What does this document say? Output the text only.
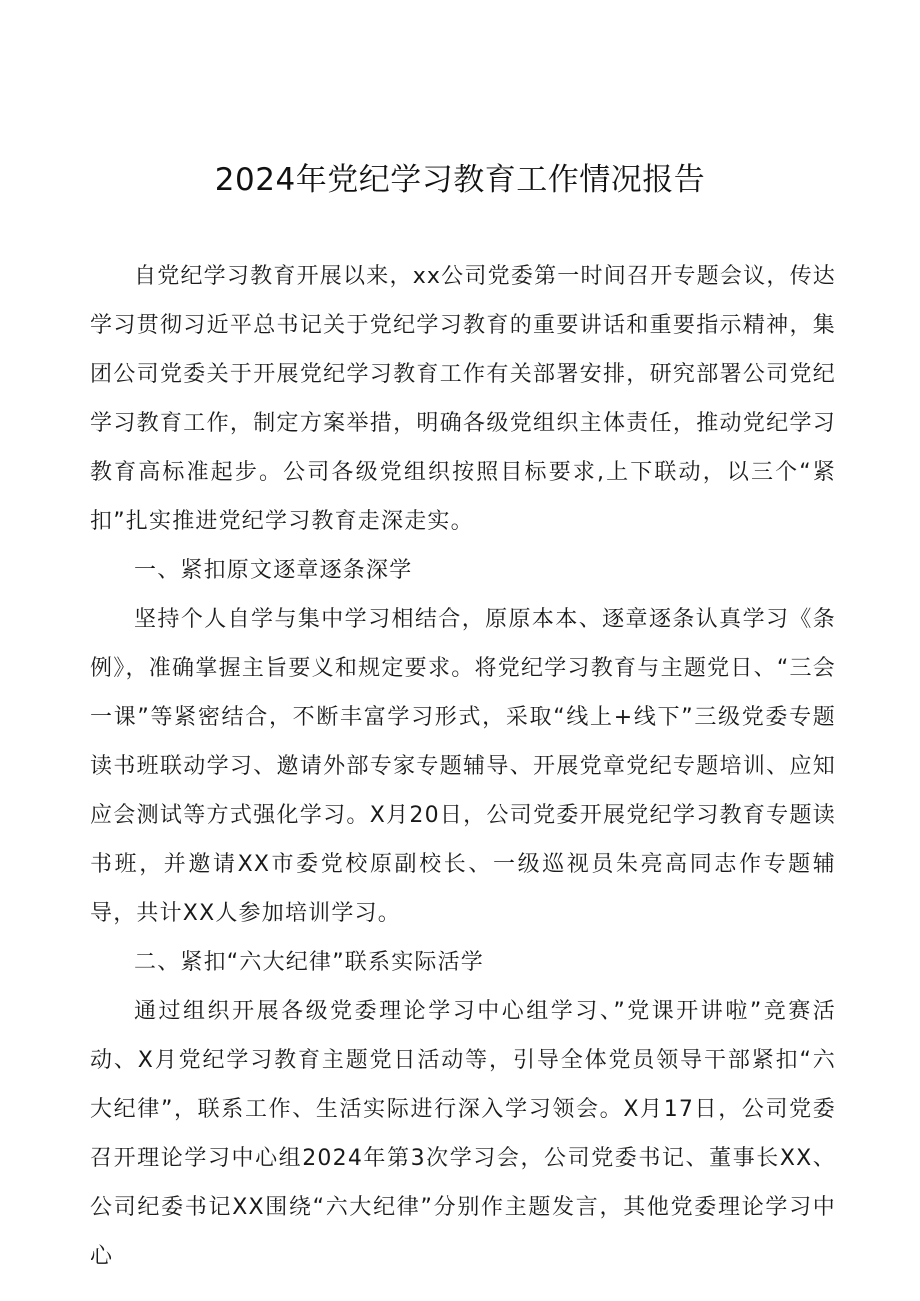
2024年党纪学习教育工作情况报告

自党纪学习教育开展以来，xx公司党委第一时间召开专题会议，传达学习贯彻习近平总书记关于党纪学习教育的重要讲话和重要指示精神，集团公司党委关于开展党纪学习教育工作有关部署安排，研究部署公司党纪学习教育工作，制定方案举措，明确各级党组织主体责任，推动党纪学习教育高标准起步。公司各级党组织按照目标要求,上下联动，以三个“紧扣”扎实推进党纪学习教育走深走实。

一、紧扣原文逐章逐条深学

坚持个人自学与集中学习相结合，原原本本、逐章逐条认真学习《条例》，准确掌握主旨要义和规定要求。将党纪学习教育与主题党日、“三会一课”等紧密结合，不断丰富学习形式，采取“线上+线下”三级党委专题读书班联动学习、邀请外部专家专题辅导、开展党章党纪专题培训、应知应会测试等方式强化学习。X月20日，公司党委开展党纪学习教育专题读书班，并邀请XX市委党校原副校长、一级巡视员朱亮高同志作专题辅导，共计XX人参加培训学习。

二、紧扣“六大纪律”联系实际活学

通过组织开展各级党委理论学习中心组学习、”党课开讲啦”竞赛活动、X月党纪学习教育主题党日活动等，引导全体党员领导干部紧扣“六大纪律”，联系工作、生活实际进行深入学习领会。X月17日，公司党委召开理论学习中心组2024年第3次学习会，公司党委书记、董事长XX、公司纪委书记XX围绕“六大纪律”分别作主题发言，其他党委理论学习中心
